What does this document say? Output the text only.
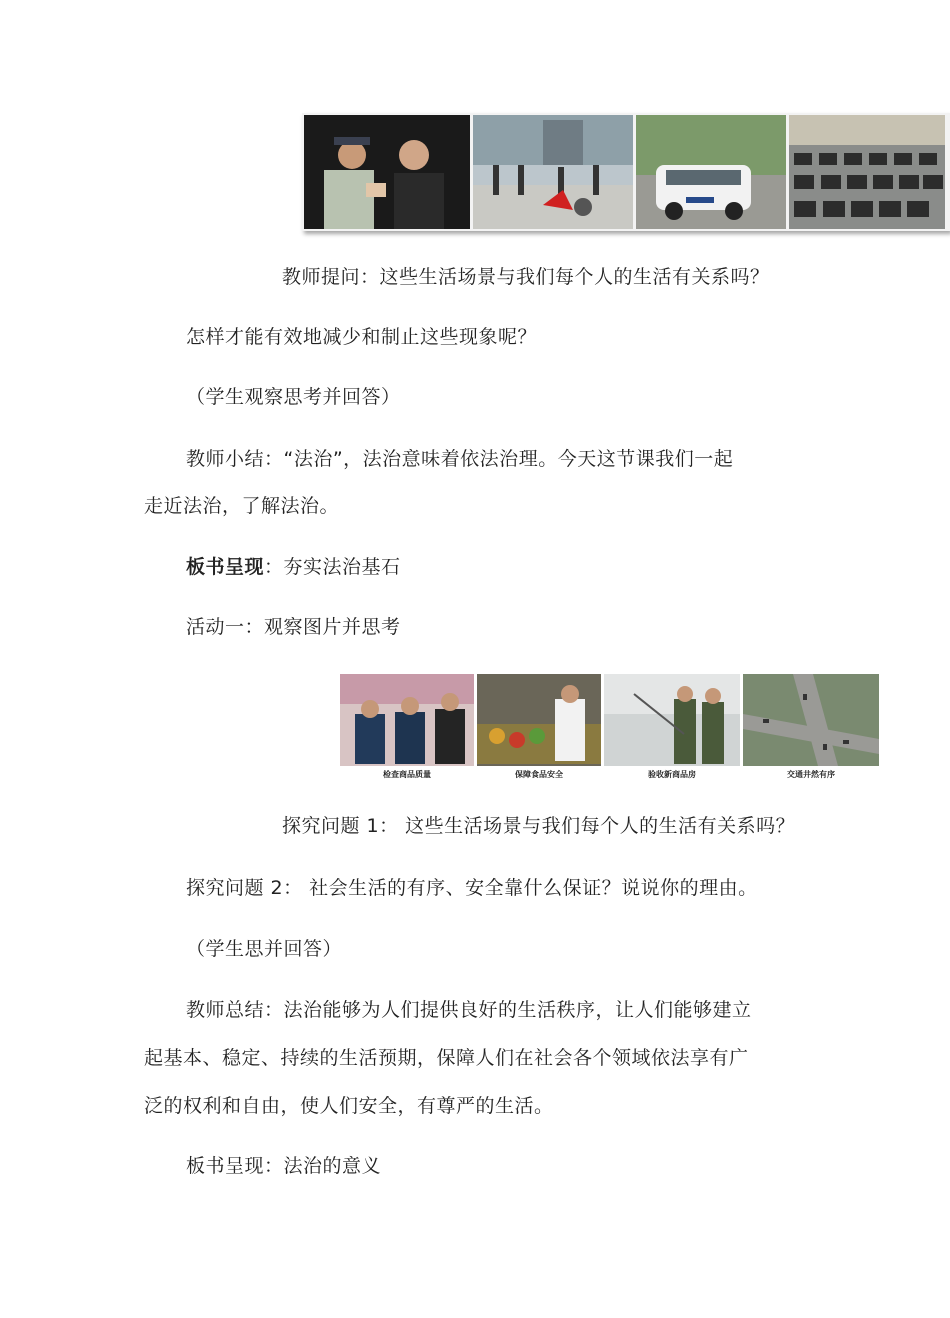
教师提问：这些生活场景与我们每个人的生活有关系吗？
怎样才能有效地减少和制止这些现象呢？
（学生观察思考并回答）
教师小结：“法治”，法治意味着依法治理。今天这节课我们一起
走近法治，了解法治。
板书呈现：夯实法治基石
活动一：观察图片并思考
检查商品质量	保障食品安全	验收新商品房	交通井然有序
探究问题 1： 这些生活场景与我们每个人的生活有关系吗？
探究问题 2： 社会生活的有序、安全靠什么保证？说说你的理由。
（学生思并回答）
教师总结：法治能够为人们提供良好的生活秩序，让人们能够建立
起基本、稳定、持续的生活预期，保障人们在社会各个领域依法享有广
泛的权利和自由，使人们安全，有尊严的生活。
板书呈现：法治的意义
